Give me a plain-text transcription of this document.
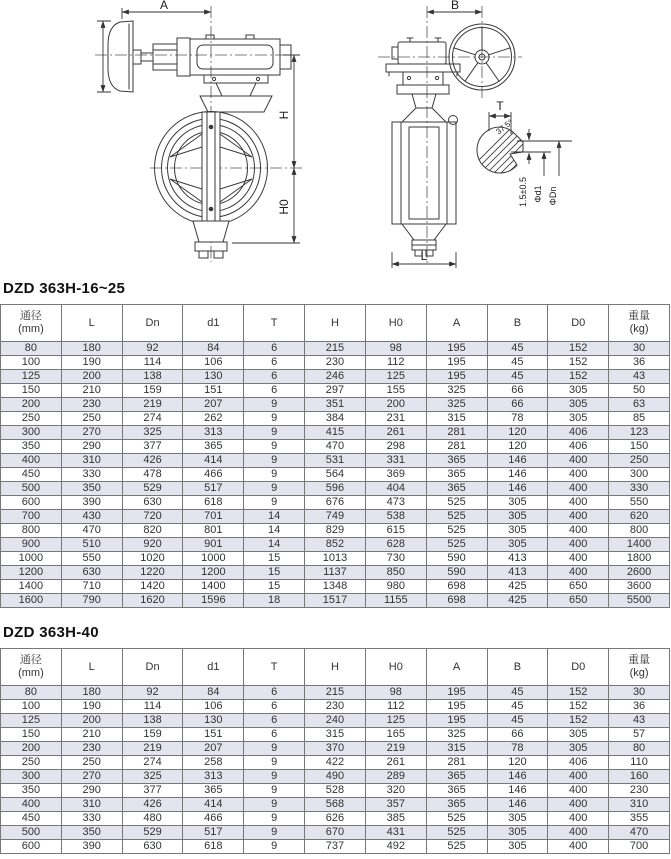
A
H
H0
B
L
T
37.5°
1.5±0.5 Φd1 ΦDn
DZD 363H-16~25
通径
(mm)	L	Dn	d1	T	H	H0	A	B	D0	重量
(kg)
80	180	92	84	6	215	98	195	45	152	30
100	190	114	106	6	230	112	195	45	152	36
125	200	138	130	6	246	125	195	45	152	43
150	210	159	151	6	297	155	325	66	305	50
200	230	219	207	9	351	200	325	66	305	63
250	250	274	262	9	384	231	315	78	305	85
300	270	325	313	9	415	261	281	120	406	123
350	290	377	365	9	470	298	281	120	406	150
400	310	426	414	9	531	331	365	146	400	250
450	330	478	466	9	564	369	365	146	400	300
500	350	529	517	9	596	404	365	146	400	330
600	390	630	618	9	676	473	525	305	400	550
700	430	720	701	14	749	538	525	305	400	620
800	470	820	801	14	829	615	525	305	400	800
900	510	920	901	14	852	628	525	305	400	1400
1000	550	1020	1000	15	1013	730	590	413	400	1800
1200	630	1220	1200	15	1137	850	590	413	400	2600
1400	710	1420	1400	15	1348	980	698	425	650	3600
1600	790	1620	1596	18	1517	1155	698	425	650	5500
DZD 363H-40
通径
(mm)	L	Dn	d1	T	H	H0	A	B	D0	重量
(kg)
80	180	92	84	6	215	98	195	45	152	30
100	190	114	106	6	230	112	195	45	152	36
125	200	138	130	6	240	125	195	45	152	43
150	210	159	151	6	315	165	325	66	305	57
200	230	219	207	9	370	219	315	78	305	80
250	250	274	258	9	422	261	281	120	406	110
300	270	325	313	9	490	289	365	146	400	160
350	290	377	365	9	528	320	365	146	400	230
400	310	426	414	9	568	357	365	146	400	310
450	330	480	466	9	626	385	525	305	400	355
500	350	529	517	9	670	431	525	305	400	470
600	390	630	618	9	737	492	525	305	400	700
